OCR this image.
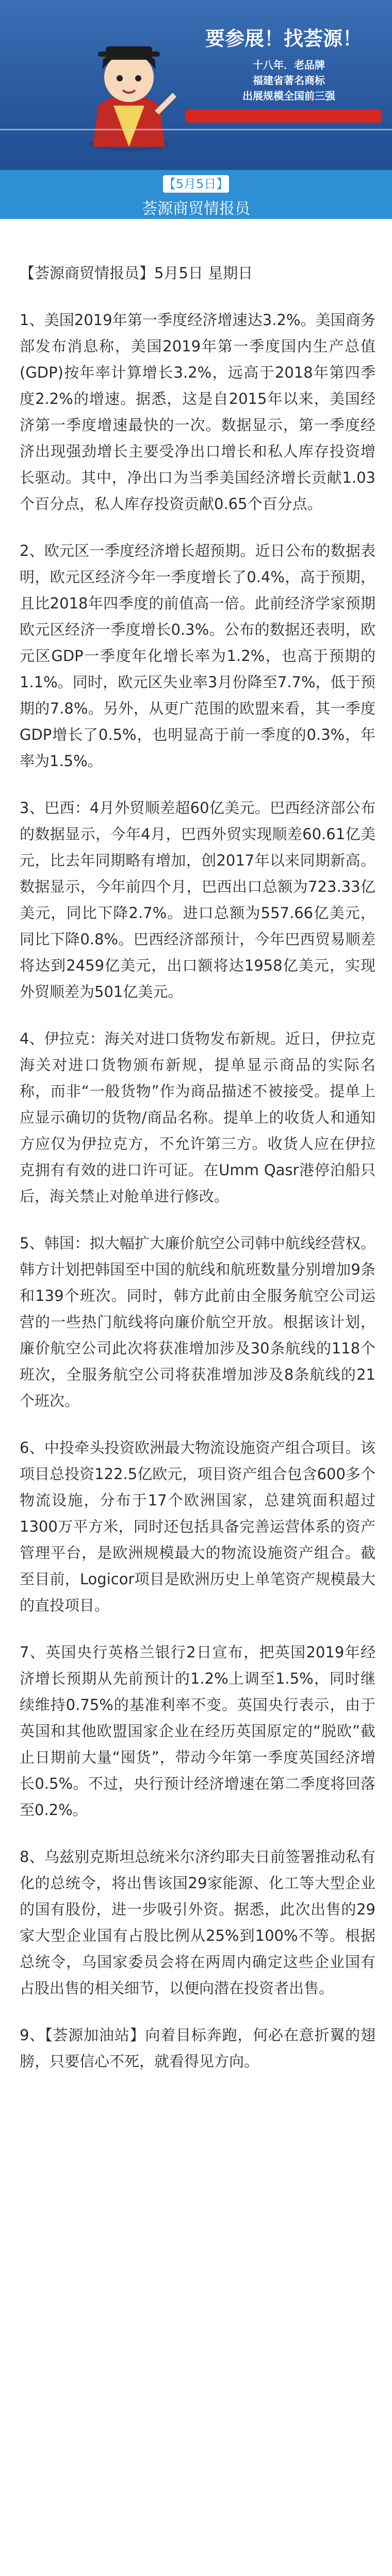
要参展！找荟源！
十八年．老品牌
福建省著名商标
出展规模全国前三强
【5月5日】
荟源商贸情报员

【荟源商贸情报员】5月5日 星期日

1、美国2019年第一季度经济增速达3.2%。美国商务部发布消息称，美国2019年第一季度国内生产总值(GDP)按年率计算增长3.2%，远高于2018年第四季度2.2%的增速。据悉，这是自2015年以来，美国经济第一季度增速最快的一次。数据显示，第一季度经济出现强劲增长主要受净出口增长和私人库存投资增长驱动。其中，净出口为当季美国经济增长贡献1.03个百分点，私人库存投资贡献0.65个百分点。

2、欧元区一季度经济增长超预期。近日公布的数据表明，欧元区经济今年一季度增长了0.4%，高于预期，且比2018年四季度的前值高一倍。此前经济学家预期欧元区经济一季度增长0.3%。公布的数据还表明，欧元区GDP一季度年化增长率为1.2%，也高于预期的1.1%。同时，欧元区失业率3月份降至7.7%，低于预期的7.8%。另外，从更广范围的欧盟来看，其一季度GDP增长了0.5%，也明显高于前一季度的0.3%，年率为1.5%。

3、巴西：4月外贸顺差超60亿美元。巴西经济部公布的数据显示，今年4月，巴西外贸实现顺差60.61亿美元，比去年同期略有增加，创2017年以来同期新高。数据显示，今年前四个月，巴西出口总额为723.33亿美元，同比下降2.7%。进口总额为557.66亿美元，同比下降0.8%。巴西经济部预计，今年巴西贸易顺差将达到2459亿美元，出口额将达1958亿美元，实现外贸顺差为501亿美元。

4、伊拉克：海关对进口货物发布新规。近日，伊拉克海关对进口货物颁布新规，提单显示商品的实际名称，而非“一般货物”作为商品描述不被接受。提单上应显示确切的货物/商品名称。提单上的收货人和通知方应仅为伊拉克方，不允许第三方。收货人应在伊拉克拥有有效的进口许可证。在Umm Qasr港停泊船只后，海关禁止对舱单进行修改。

5、韩国：拟大幅扩大廉价航空公司韩中航线经营权。韩方计划把韩国至中国的航线和航班数量分别增加9条和139个班次。同时，韩方此前由全服务航空公司运营的一些热门航线将向廉价航空开放。根据该计划，廉价航空公司此次将获准增加涉及30条航线的118个班次，全服务航空公司将获准增加涉及8条航线的21个班次。

6、中投牵头投资欧洲最大物流设施资产组合项目。该项目总投资122.5亿欧元，项目资产组合包含600多个物流设施，分布于17个欧洲国家，总建筑面积超过1300万平方米，同时还包括具备完善运营体系的资产管理平台，是欧洲规模最大的物流设施资产组合。截至目前，Logicor项目是欧洲历史上单笔资产规模最大的直投项目。

7、英国央行英格兰银行2日宣布，把英国2019年经济增长预期从先前预计的1.2%上调至1.5%，同时继续维持0.75%的基准利率不变。英国央行表示，由于英国和其他欧盟国家企业在经历英国原定的“脱欧”截止日期前大量“囤货”，带动今年第一季度英国经济增长0.5%。不过，央行预计经济增速在第二季度将回落至0.2%。

8、乌兹别克斯坦总统米尔济约耶夫日前签署推动私有化的总统令，将出售该国29家能源、化工等大型企业的国有股份，进一步吸引外资。据悉，此次出售的29家大型企业国有占股比例从25%到100%不等。根据总统令，乌国家委员会将在两周内确定这些企业国有占股出售的相关细节，以便向潜在投资者出售。

9、【荟源加油站】向着目标奔跑，何必在意折翼的翅膀，只要信心不死，就看得见方向。
